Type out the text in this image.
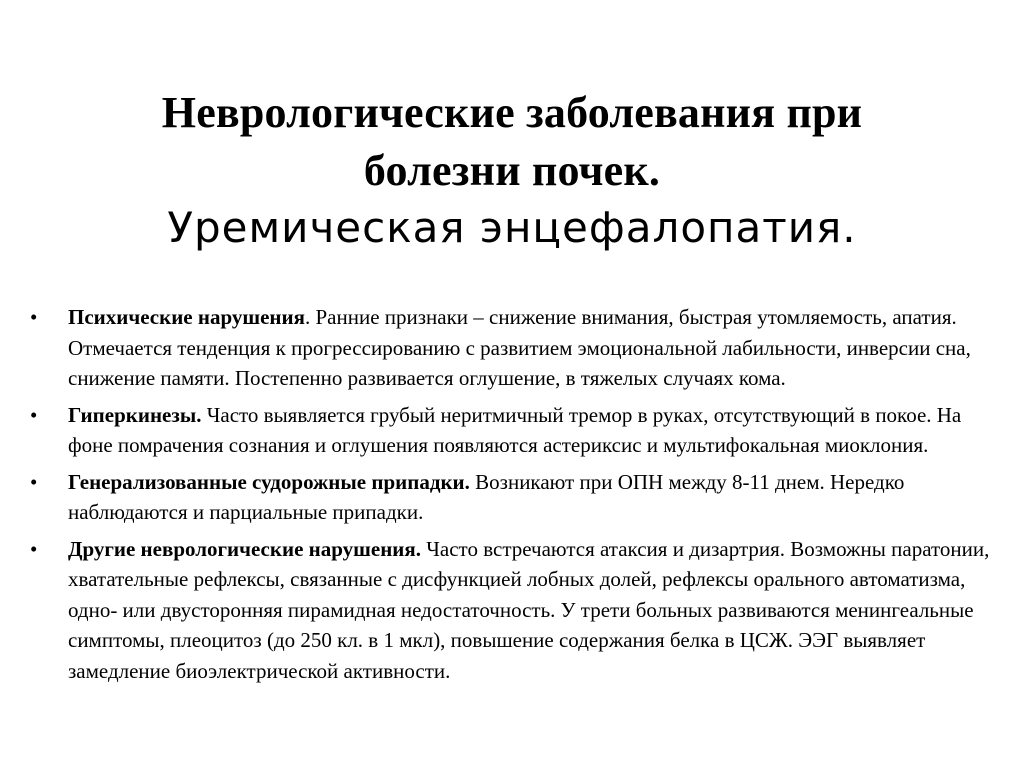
Неврологические заболевания при
болезни почек.
Уремическая энцефалопатия.
• Психические нарушения. Ранние признаки – снижение внимания, быстрая утомляемость, апатия. Отмечается тенденция к прогрессированию с развитием эмоциональной лабильности, инверсии сна, снижение памяти. Постепенно развивается оглушение, в тяжелых случаях кома.
• Гиперкинезы. Часто выявляется грубый неритмичный тремор в руках, отсутствующий в покое. На фоне помрачения сознания и оглушения появляются астериксис и мультифокальная миоклония.
• Генерализованные судорожные припадки. Возникают при ОПН между 8-11 днем. Нередко наблюдаются и парциальные припадки.
• Другие неврологические нарушения. Часто встречаются атаксия и дизартрия. Возможны паратонии, хватательные рефлексы, связанные с дисфункцией лобных долей, рефлексы орального автоматизма, одно- или двусторонняя пирамидная недостаточность. У трети больных развиваются менингеальные симптомы, плеоцитоз (до 250 кл. в 1 мкл), повышение содержания белка в ЦСЖ. ЭЭГ выявляет замедление биоэлектрической активности.
